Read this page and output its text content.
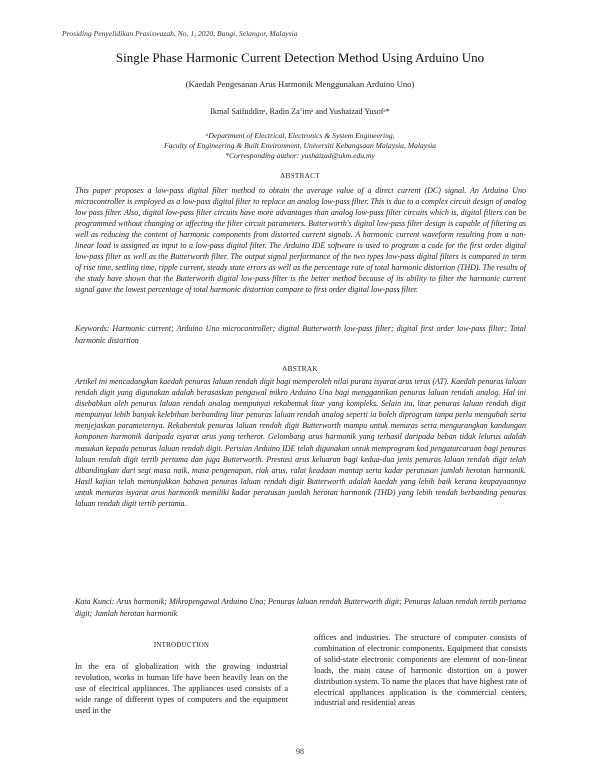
Prosiding Penyelidikan Prasiswazah, No. 1, 2020, Bangi, Selangor, Malaysia
Single Phase Harmonic Current Detection Method Using Arduino Uno
(Kaedah Pengesanan Arus Harmonik Menggunakan Arduino Uno)
Ikmal Saifuddinᵃ, Radin Za’imᵃ and Yushaizad Yusofᵃ*
ᵃDepartment of Electrical, Electronics & System Engineering,
Faculty of Engineering & Built Environment, Universiti Kebangsaan Malaysia, Malaysia
*Corresponding author: yushaizad@ukm.edu.my
ABSTRACT
This paper proposes a low-pass digital filter method to obtain the average value of a direct current (DC) signal. An Arduino Uno microcontroller is employed as a low-pass digital filter to replace an analog low-pass filter. This is due to a complex circuit design of analog low pass filter. Also, digital low-pass filter circuits have more advantages than analog low-pass filter circuits which is, digital filters can be programmed without changing or affecting the filter circuit parameters. Butterworth's digital low-pass filter design is capable of filtering as well as reducing the content of harmonic components from distorted current signals. A harmonic current waveform resulting from a non-linear load is assigned as input to a low-pass digital filter. The Arduino IDE software is used to program a code for the first order digital low-pass filter as well as the Butterworth filter. The output signal performance of the two types low-pass digital filters is compared in term of rise time, settling time, ripple current, steady state errors as well as the percentage rate of total harmonic distortion (THD). The results of the study have shown that the Butterworth digital low-pass filter is the better method because of its ability to filter the harmonic current signal gave the lowest percentage of total harmonic distortion compare to first order digital low-pass filter.
Keywords: Harmonic current; Arduino Uno microcontroller; digital Butterworth low-pass filter; digital first order low-pass filter; Total harmonic distortion
ABSTRAK
Artikel ini mencadangkan kaedah penuras laluan rendah digit bagi memperoleh nilai purata isyarat arus terus (AT). Kaedah penuras laluan rendah digit yang digunakan adalah berasaskan pengawal mikro Arduino Uno bagi menggantikan penuras laluan rendah analog. Hal ini disebabkan oleh penuras laluan rendah analog mempunyai rekabentuk litar yang kompleks. Selain itu, litar penuras laluan rendah digit mempunyai lebih banyak kelebihan berbanding litar penuras laluan rendah analog seperti ia boleh diprogram tanpa perlu mengubah serta menjejaskan parameternya. Rekabentuk penuras laluan rendah digit Butterworth mampu untuk menuras serta mengurangkan kandungan komponen harmonik daripada isyarat arus yang terherot. Gelombang arus harmonik yang terhasil daripada beban tidak lelurus adalah masukan kepada penuras laluan rendah digit. Perisian Arduino IDE telah digunakan untuk memprogram kod pengaturcaraan bagi penuras laluan rendah digit tertib pertama dan juga Butterworth. Prestasi arus keluaran bagi kedua-dua jenis penuras laluan rendah digit telah dibandingkan dari segi masa naik, masa pengenapan, riak arus, ralat keadaan mantap serta kadar peratusan jumlah herotan harmonik. Hasil kajian telah menunjukkan bahawa penuras laluan rendah digit Butterworth adalah kaedah yang lebih baik kerana keupayaannya untuk menuras isyarat arus harmonik memiliki kadar peratusan jumlah herotan harmonik (THD) yang lebih rendah berbanding penuras laluan rendah digit tertib pertama.
Kata Kunci: Arus harmonik; Mikropengawal Arduino Uno; Penuras laluan rendah Butterworth digit; Penuras laluan rendah tertib pertama digit; Jumlah herotan harmonik
INTRODUCTION
In the era of globalization with the growing industrial revolution, works in human life have been heavily lean on the use of electrical appliances. The appliances used consists of a wide range of different types of computers and the equipment used in the
offices and industries. The structure of computer consists of combination of electronic components. Equipment that consists of solid-state electronic components are element of non-linear loads, the main cause of harmonic distortion on a power distribution system. To name the places that have highest rate of electrical appliances application is the commercial centers, industrial and residential areas
98
